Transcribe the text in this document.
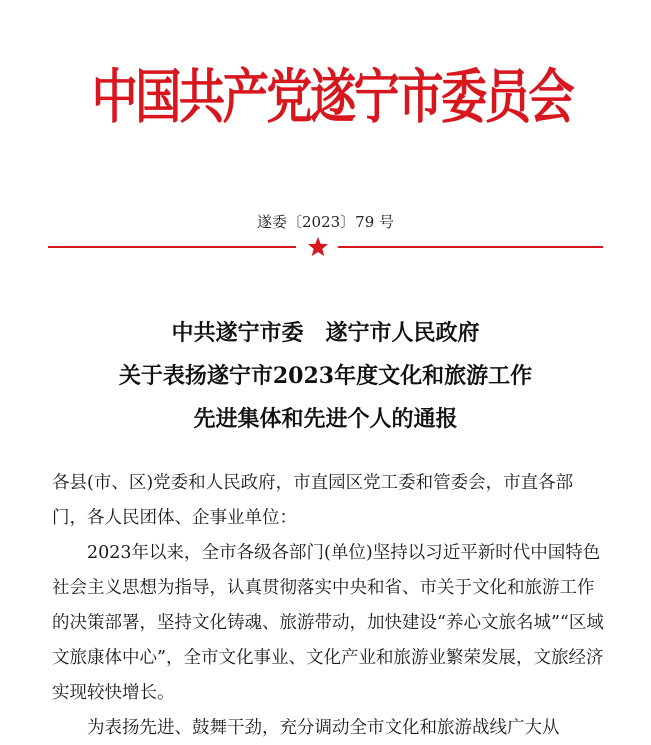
中国共产党遂宁市委员会
遂委〔2023〕79 号
中共遂宁市委　遂宁市人民政府
关于表扬遂宁市2023年度文化和旅游工作
先进集体和先进个人的通报

各县(市、区)党委和人民政府，市直园区党工委和管委会，市直各部门，各人民团体、企事业单位：

2023年以来，全市各级各部门(单位)坚持以习近平新时代中国特色社会主义思想为指导，认真贯彻落实中央和省、市关于文化和旅游工作的决策部署，坚持文化铸魂、旅游带动，加快建设“养心文旅名城”“区域文旅康体中心”，全市文化事业、文化产业和旅游业繁荣发展，文旅经济实现较快增长。

为表扬先进、鼓舞干劲，充分调动全市文化和旅游战线广大从
